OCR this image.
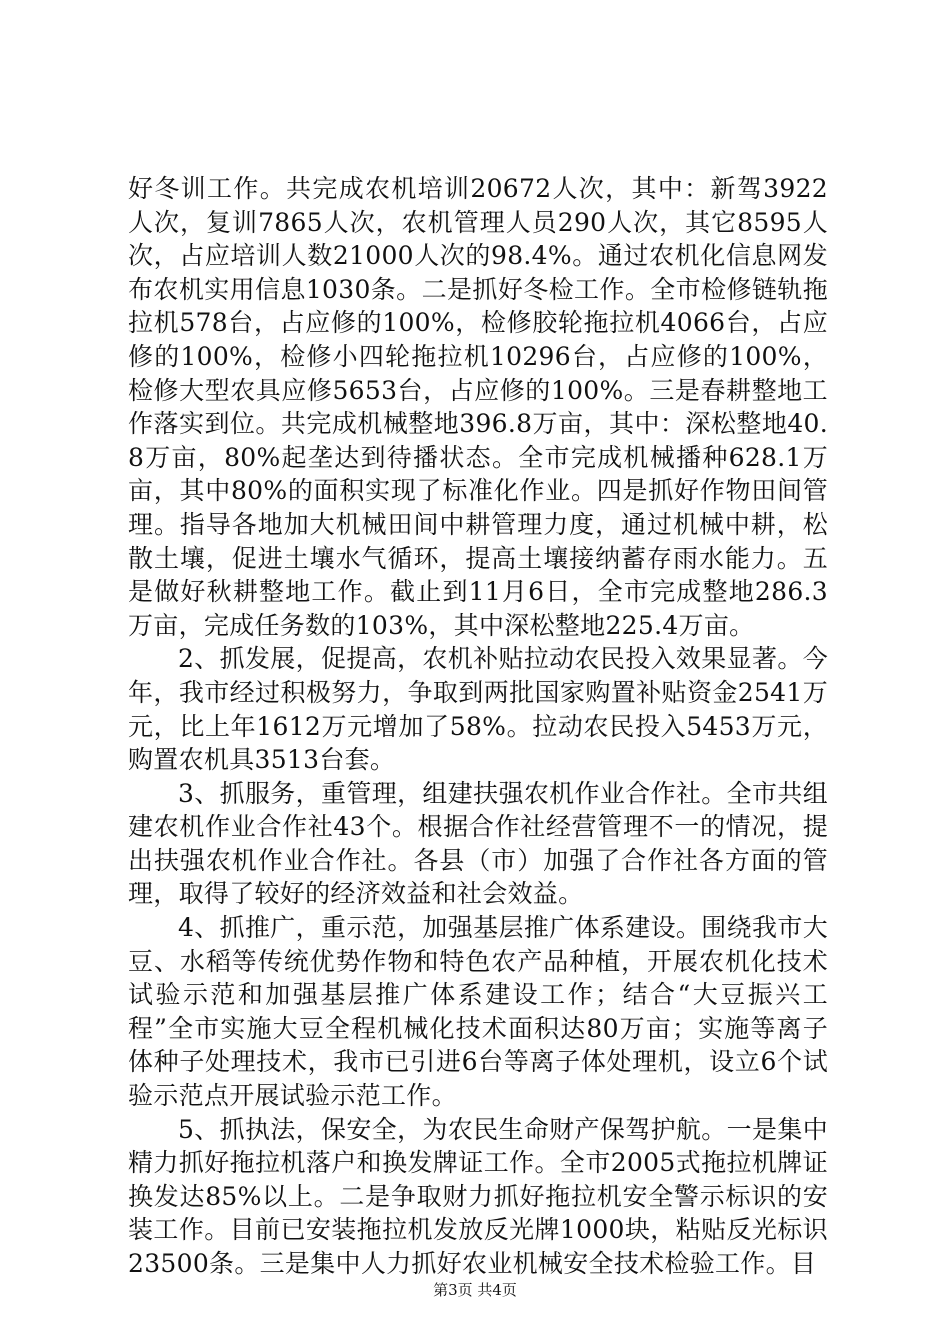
好冬训工作。共完成农机培训20672人次，其中：新驾3922人次，复训7865人次，农机管理人员290人次，其它8595人次，占应培训人数21000人次的98.4%。通过农机化信息网发布农机实用信息1030条。二是抓好冬检工作。全市检修链轨拖拉机578台，占应修的100%，检修胶轮拖拉机4066台，占应修的100%，检修小四轮拖拉机10296台，占应修的100%，检修大型农具应修5653台，占应修的100%。三是春耕整地工作落实到位。共完成机械整地396.8万亩，其中：深松整地40.8万亩，80%起垄达到待播状态。全市完成机械播种628.1万亩，其中80%的面积实现了标准化作业。四是抓好作物田间管理。指导各地加大机械田间中耕管理力度，通过机械中耕，松散土壤，促进土壤水气循环，提高土壤接纳蓄存雨水能力。五是做好秋耕整地工作。截止到11月6日，全市完成整地286.3万亩，完成任务数的103%，其中深松整地225.4万亩。

2、抓发展，促提高，农机补贴拉动农民投入效果显著。今年，我市经过积极努力，争取到两批国家购置补贴资金2541万元，比上年1612万元增加了58%。拉动农民投入5453万元，购置农机具3513台套。

3、抓服务，重管理，组建扶强农机作业合作社。全市共组建农机作业合作社43个。根据合作社经营管理不一的情况，提出扶强农机作业合作社。各县（市）加强了合作社各方面的管理，取得了较好的经济效益和社会效益。

4、抓推广，重示范，加强基层推广体系建设。围绕我市大豆、水稻等传统优势作物和特色农产品种植，开展农机化技术试验示范和加强基层推广体系建设工作；结合“大豆振兴工程”全市实施大豆全程机械化技术面积达80万亩；实施等离子体种子处理技术，我市已引进6台等离子体处理机，设立6个试验示范点开展试验示范工作。

5、抓执法，保安全，为农民生命财产保驾护航。一是集中精力抓好拖拉机落户和换发牌证工作。全市2005式拖拉机牌证换发达85%以上。二是争取财力抓好拖拉机安全警示标识的安装工作。目前已安装拖拉机发放反光牌1000块，粘贴反光标识23500条。三是集中人力抓好农业机械安全技术检验工作。目

第3页 共4页
